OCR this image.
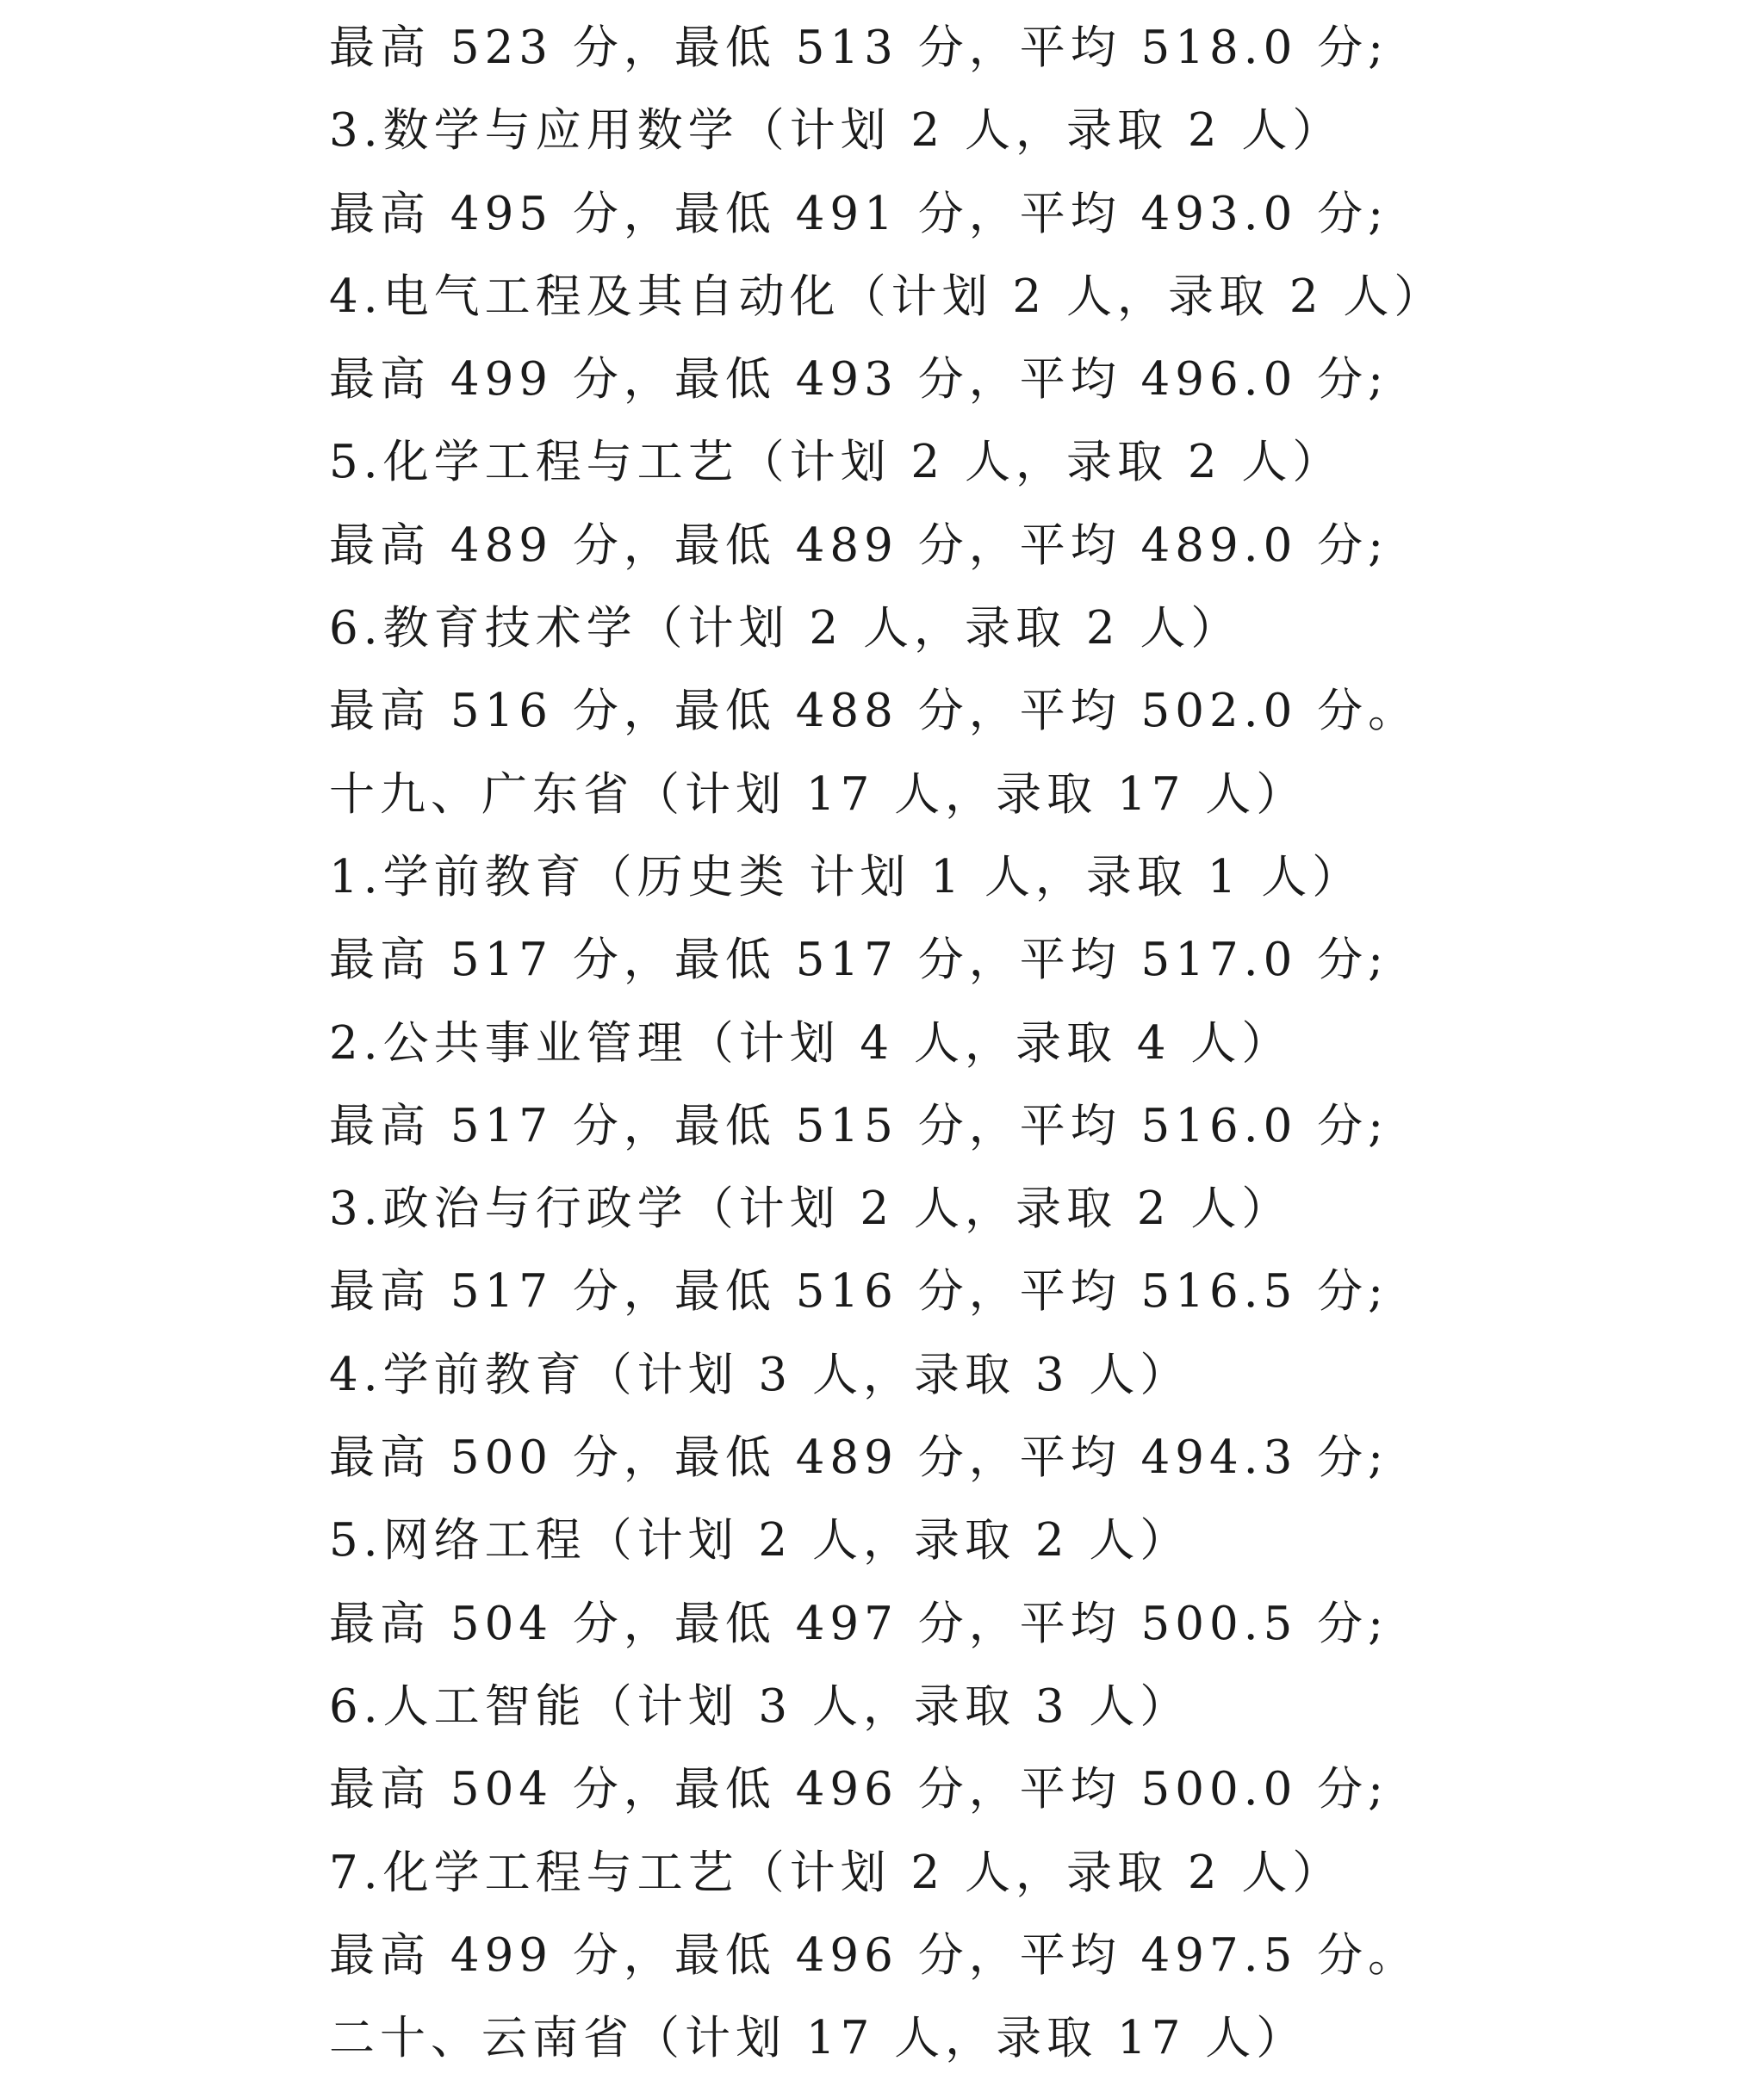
最高 523 分，最低 513 分，平均 518.0 分;
3.数学与应用数学（计划 2 人，录取 2 人）
最高 495 分，最低 491 分，平均 493.0 分;
4.电气工程及其自动化（计划 2 人，录取 2 人）
最高 499 分，最低 493 分，平均 496.0 分;
5.化学工程与工艺（计划 2 人，录取 2 人）
最高 489 分，最低 489 分，平均 489.0 分;
6.教育技术学（计划 2 人，录取 2 人）
最高 516 分，最低 488 分，平均 502.0 分。
十九、广东省（计划 17 人，录取 17 人）
1.学前教育（历史类 计划 1 人，录取 1 人）
最高 517 分，最低 517 分，平均 517.0 分;
2.公共事业管理（计划 4 人，录取 4 人）
最高 517 分，最低 515 分，平均 516.0 分;
3.政治与行政学（计划 2 人，录取 2 人）
最高 517 分，最低 516 分，平均 516.5 分;
4.学前教育（计划 3 人，录取 3 人）
最高 500 分，最低 489 分，平均 494.3 分;
5.网络工程（计划 2 人，录取 2 人）
最高 504 分，最低 497 分，平均 500.5 分;
6.人工智能（计划 3 人，录取 3 人）
最高 504 分，最低 496 分，平均 500.0 分;
7.化学工程与工艺（计划 2 人，录取 2 人）
最高 499 分，最低 496 分，平均 497.5 分。
二十、云南省（计划 17 人，录取 17 人）
